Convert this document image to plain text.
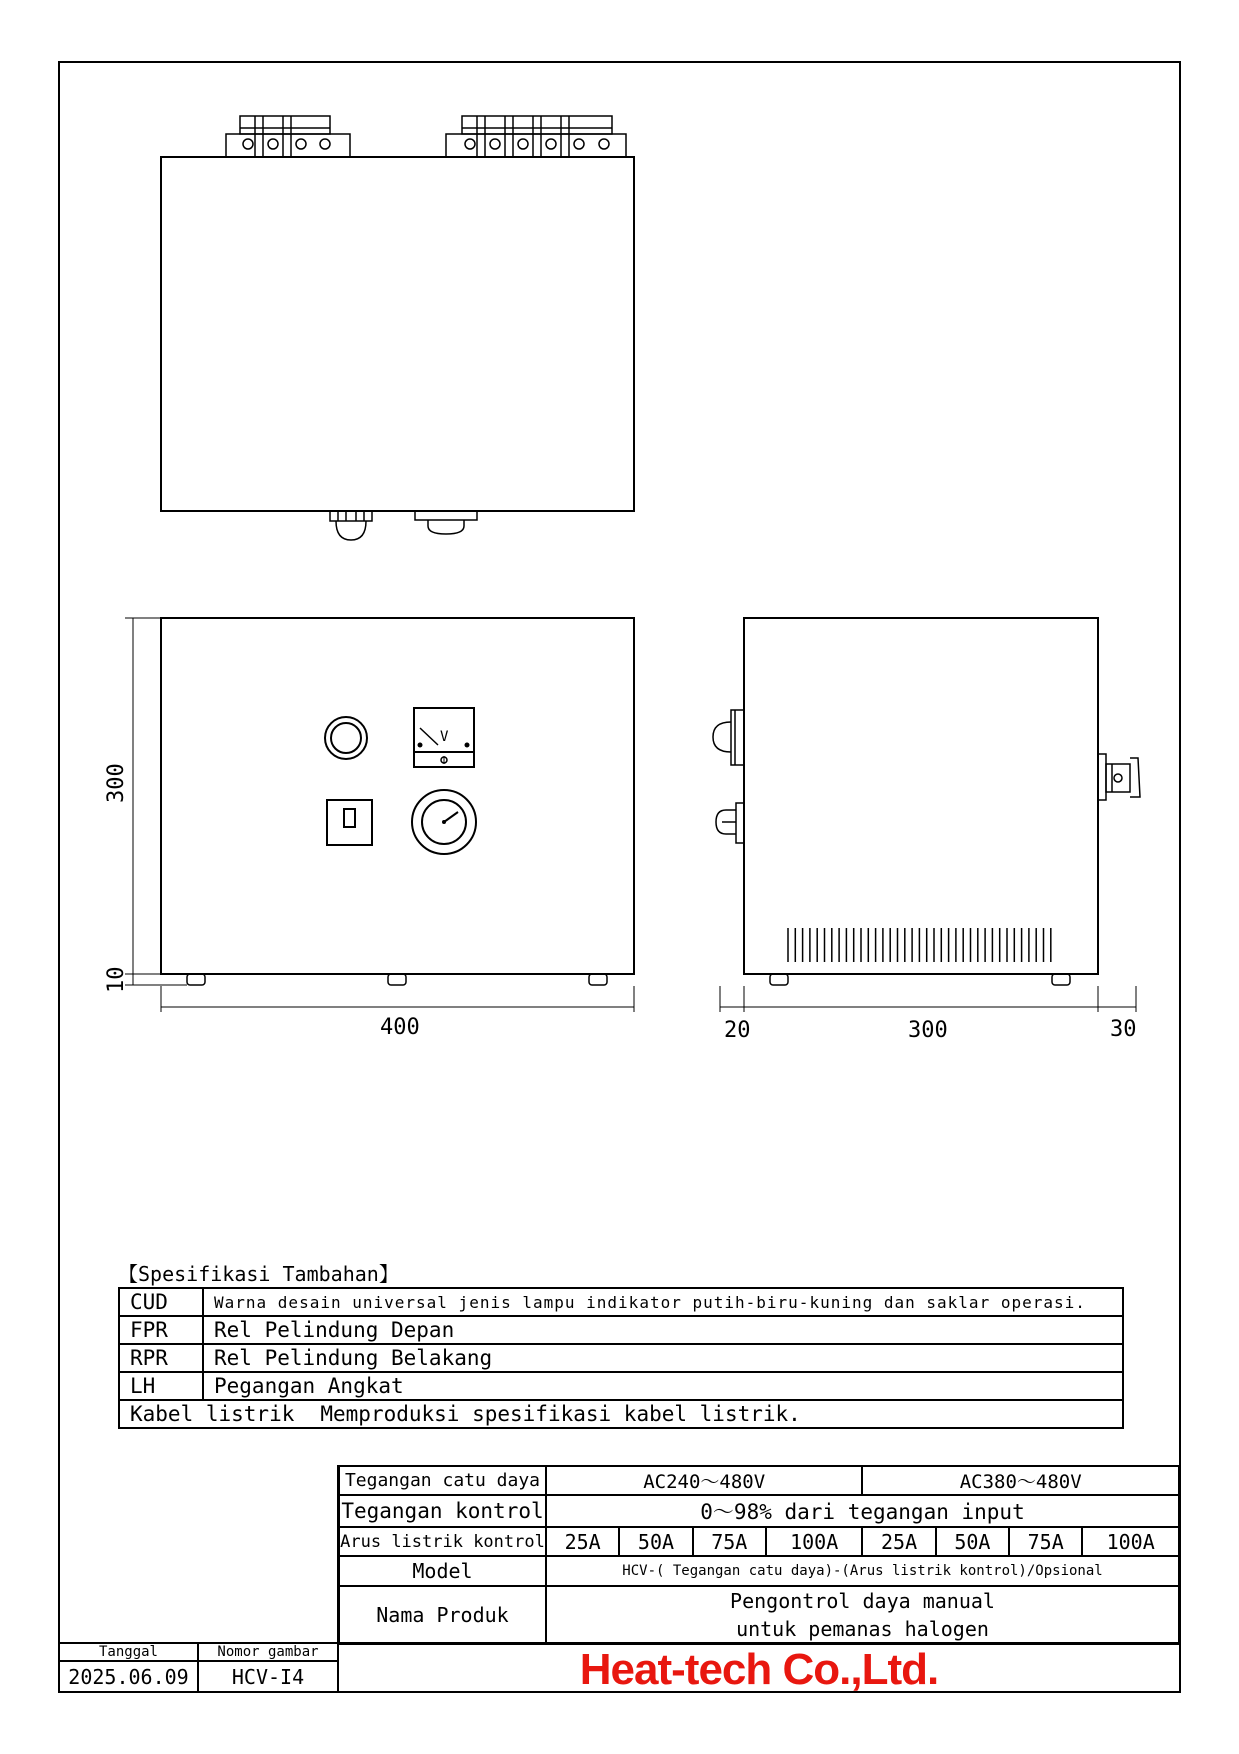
400
300
10
20	300	30
V
【Spesifikasi Tambahan】
CUD	Warna desain universal jenis lampu indikator putih-biru-kuning dan saklar operasi.
FPR	Rel Pelindung Depan
RPR	Rel Pelindung Belakang
LH	Pegangan Angkat
Kabel listrik Memproduksi spesifikasi kabel listrik.	
Tegangan catu daya	AC240〜480V				AC380〜480V			
Tegangan kontrol	0〜98% dari tegangan input							
Arus listrik kontrol	25A	50A	75A	100A	25A	50A	75A	100A
Model	HCV-( Tegangan catu daya)-(Arus listrik kontrol)/Opsional							
Nama Produk	Pengontrol daya manual
untuk pemanas halogen							
Tanggal	Nomor gambar
2025.06.09	HCV-I4	Heat-tech Co.,Ltd.
